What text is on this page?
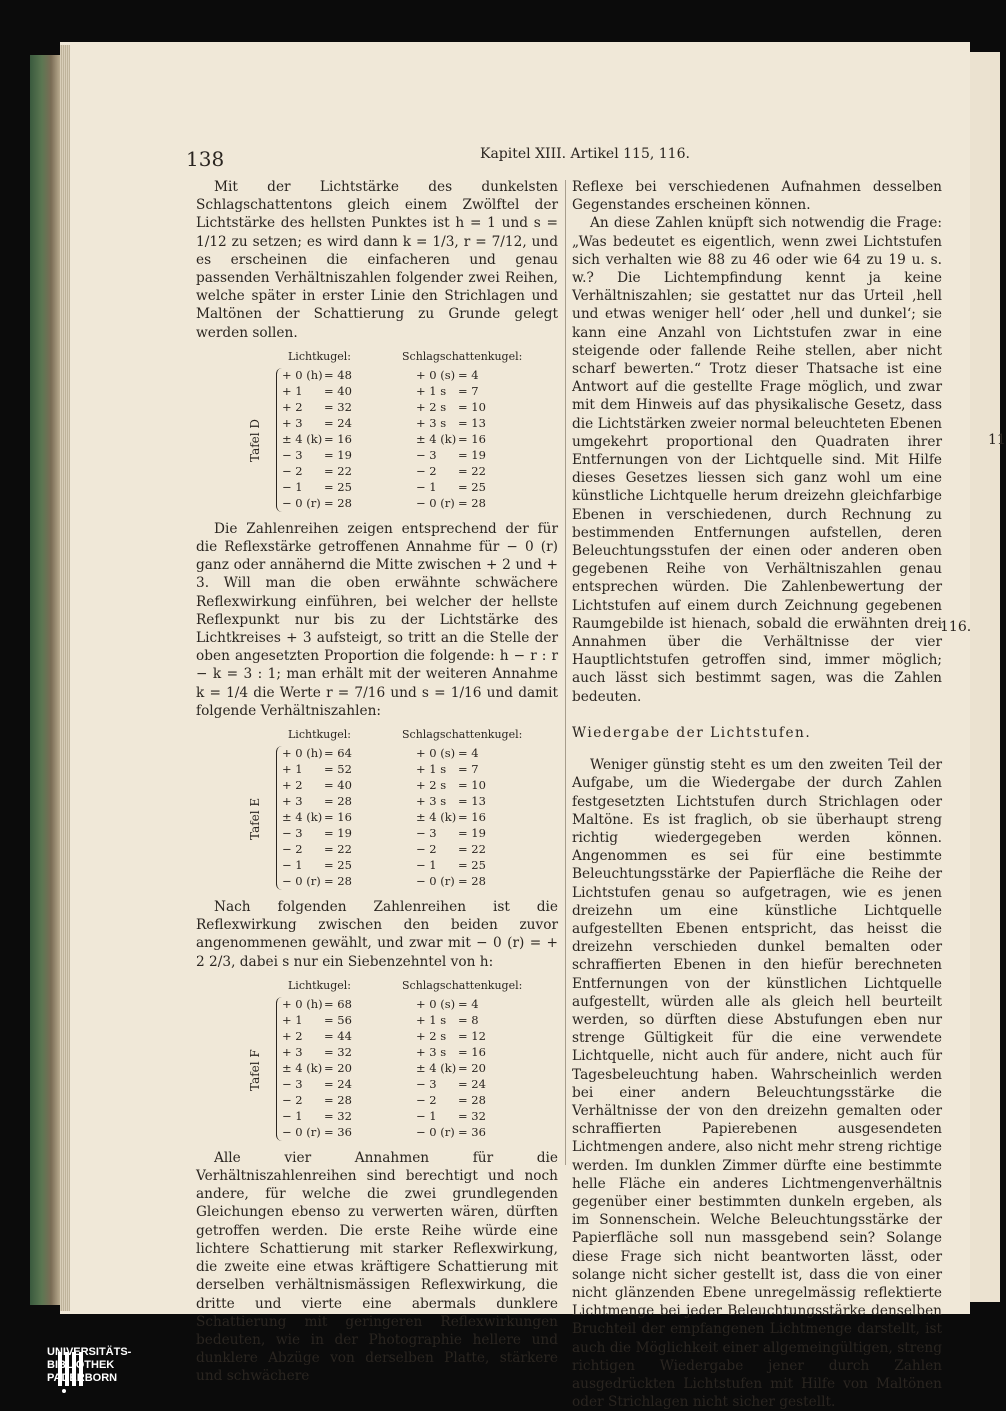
11
138	Kapitel XIII. Artikel 115, 116.

Mit der Lichtstärke des dunkelsten Schlagschattentons gleich einem Zwölftel der Lichtstärke des hellsten Punktes ist h = 1 und s = 1/12 zu setzen; es wird dann k = 1/3, r = 7/12, und es erscheinen die einfacheren und genau passenden Verhältniszahlen folgender zwei Reihen, welche später in erster Linie den Strichlagen und Maltönen der Schattierung zu Grunde gelegt werden sollen.

Lichtkugel:	Schlagschattenkugel:
+ 0 (h) = 48	+ 0 (s) = 4
+ 1 = 40	+ 1 s = 7
+ 2 = 32	+ 2 s = 10
+ 3 = 24	+ 3 s = 13
± 4 (k) = 16	± 4 (k) = 16
− 3 = 19	− 3 = 19
− 2 = 22	− 2 = 22
− 1 = 25	− 1 = 25
− 0 (r) = 28	− 0 (r) = 28
Tafel D

Die Zahlenreihen zeigen entsprechend der für die Reflexstärke getroffenen Annahme für − 0 (r) ganz oder annähernd die Mitte zwischen + 2 und + 3. Will man die oben erwähnte schwächere Reflexwirkung einführen, bei welcher der hellste Reflexpunkt nur bis zu der Lichtstärke des Lichtkreises + 3 aufsteigt, so tritt an die Stelle der oben angesetzten Proportion die folgende: h − r : r − k = 3 : 1; man erhält mit der weiteren Annahme k = 1/4 die Werte r = 7/16 und s = 1/16 und damit folgende Verhältniszahlen:

Lichtkugel:	Schlagschattenkugel:
+ 0 (h) = 64	+ 0 (s) = 4
+ 1 = 52	+ 1 s = 7
+ 2 = 40	+ 2 s = 10
+ 3 = 28	+ 3 s = 13
± 4 (k) = 16	± 4 (k) = 16
− 3 = 19	− 3 = 19
− 2 = 22	− 2 = 22
− 1 = 25	− 1 = 25
− 0 (r) = 28	− 0 (r) = 28
Tafel E

Nach folgenden Zahlenreihen ist die Reflexwirkung zwischen den beiden zuvor angenommenen gewählt, und zwar mit − 0 (r) = + 2 2/3, dabei s nur ein Siebenzehntel von h:

Lichtkugel:	Schlagschattenkugel:
+ 0 (h) = 68	+ 0 (s) = 4
+ 1 = 56	+ 1 s = 8
+ 2 = 44	+ 2 s = 12
+ 3 = 32	+ 3 s = 16
± 4 (k) = 20	± 4 (k) = 20
− 3 = 24	− 3 = 24
− 2 = 28	− 2 = 28
− 1 = 32	− 1 = 32
− 0 (r) = 36	− 0 (r) = 36
Tafel F

Alle vier Annahmen für die Verhältniszahlenreihen sind berechtigt und noch andere, für welche die zwei grundlegenden Gleichungen ebenso zu verwerten wären, dürften getroffen werden. Die erste Reihe würde eine lichtere Schattierung mit starker Reflexwirkung, die zweite eine etwas kräftigere Schattierung mit derselben verhältnismässigen Reflexwirkung, die dritte und vierte eine abermals dunklere Schattierung mit geringeren Reflexwirkungen bedeuten, wie in der Photographie hellere und dunklere Abzüge von derselben Platte, stärkere und schwächere

Reflexe bei verschiedenen Aufnahmen desselben Gegenstandes erscheinen können.

An diese Zahlen knüpft sich notwendig die Frage: „Was bedeutet es eigentlich, wenn zwei Lichtstufen sich verhalten wie 88 zu 46 oder wie 64 zu 19 u. s. w.? Die Lichtempfindung kennt ja keine Verhältniszahlen; sie gestattet nur das Urteil ‚hell und etwas weniger hell‘ oder ‚hell und dunkel‘; sie kann eine Anzahl von Lichtstufen zwar in eine steigende oder fallende Reihe stellen, aber nicht scharf bewerten.“ Trotz dieser Thatsache ist eine Antwort auf die gestellte Frage möglich, und zwar mit dem Hinweis auf das physikalische Gesetz, dass die Lichtstärken zweier normal beleuchteten Ebenen umgekehrt proportional den Quadraten ihrer Entfernungen von der Lichtquelle sind. Mit Hilfe dieses Gesetzes liessen sich ganz wohl um eine künstliche Lichtquelle herum dreizehn gleichfarbige Ebenen in verschiedenen, durch Rechnung zu bestimmenden Entfernungen aufstellen, deren Beleuchtungsstufen der einen oder anderen oben gegebenen Reihe von Verhältniszahlen genau entsprechen würden. Die Zahlenbewertung der Lichtstufen auf einem durch Zeichnung gegebenen Raumgebilde ist hienach, sobald die erwähnten drei Annahmen über die Verhältnisse der vier Hauptlichtstufen getroffen sind, immer möglich; auch lässt sich bestimmt sagen, was die Zahlen bedeuten.

Wiedergabe der Lichtstufen.

Weniger günstig steht es um den zweiten Teil der Aufgabe, um die Wiedergabe der durch Zahlen festgesetzten Lichtstufen durch Strichlagen oder Maltöne. Es ist fraglich, ob sie überhaupt streng richtig wiedergegeben werden können. Angenommen es sei für eine bestimmte Beleuchtungsstärke der Papierfläche die Reihe der Lichtstufen genau so aufgetragen, wie es jenen dreizehn um eine künstliche Lichtquelle aufgestellten Ebenen entspricht, das heisst die dreizehn verschieden dunkel bemalten oder schraffierten Ebenen in den hiefür berechneten Entfernungen von der künstlichen Lichtquelle aufgestellt, würden alle als gleich hell beurteilt werden, so dürften diese Abstufungen eben nur strenge Gültigkeit für die eine verwendete Lichtquelle, nicht auch für andere, nicht auch für Tagesbeleuchtung haben. Wahrscheinlich werden bei einer andern Beleuchtungsstärke die Verhältnisse der von den dreizehn gemalten oder schraffierten Papierebenen ausgesendeten Lichtmengen andere, also nicht mehr streng richtige werden. Im dunklen Zimmer dürfte eine bestimmte helle Fläche ein anderes Lichtmengenverhältnis gegenüber einer bestimmten dunkeln ergeben, als im Sonnenschein. Welche Beleuchtungsstärke der Papierfläche soll nun massgebend sein? Solange diese Frage sich nicht beantworten lässt, oder solange nicht sicher gestellt ist, dass die von einer nicht glänzenden Ebene unregelmässig reflektierte Lichtmenge bei jeder Beleuchtungsstärke denselben Bruchteil der empfangenen Lichtmenge darstellt, ist auch die Möglichkeit einer allgemeingültigen, streng richtigen Wiedergabe jener durch Zahlen ausgedrückten Lichtstufen mit Hilfe von Maltönen oder Strichlagen nicht sicher gestellt.

116.
UNIVERSITÄTS-
BIBLIOTHEK
PADERBORN
